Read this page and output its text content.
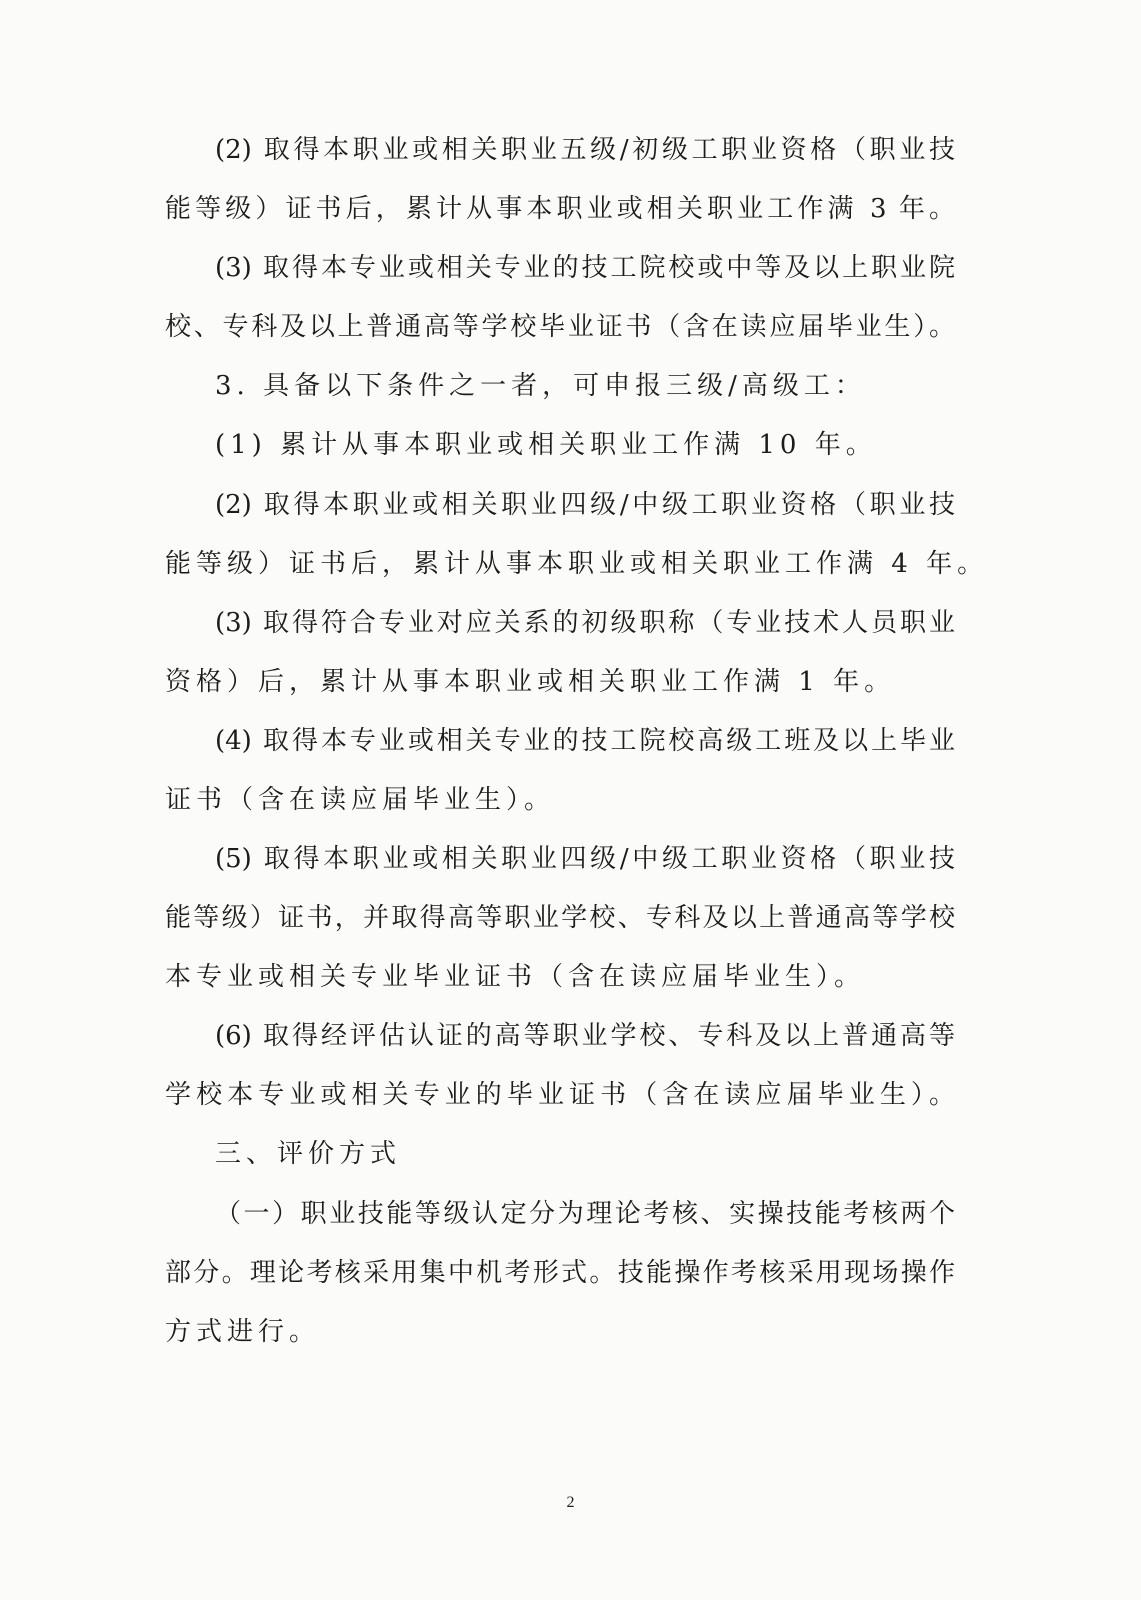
(2) 取得本职业或相关职业五级/初级工职业资格（职业技
能等级）证书后，累计从事本职业或相关职业工作满 3 年。
(3) 取得本专业或相关专业的技工院校或中等及以上职业院
校、专科及以上普通高等学校毕业证书（含在读应届毕业生）。
3. 具备以下条件之一者，可申报三级/高级工：
(1) 累计从事本职业或相关职业工作满 10 年。
(2) 取得本职业或相关职业四级/中级工职业资格（职业技
能等级）证书后，累计从事本职业或相关职业工作满 4 年。
(3) 取得符合专业对应关系的初级职称（专业技术人员职业
资格）后，累计从事本职业或相关职业工作满 1 年。
(4) 取得本专业或相关专业的技工院校高级工班及以上毕业
证书（含在读应届毕业生）。
(5) 取得本职业或相关职业四级/中级工职业资格（职业技
能等级）证书，并取得高等职业学校、专科及以上普通高等学校
本专业或相关专业毕业证书（含在读应届毕业生）。
(6) 取得经评估认证的高等职业学校、专科及以上普通高等
学校本专业或相关专业的毕业证书（含在读应届毕业生）。
三、评价方式
（一）职业技能等级认定分为理论考核、实操技能考核两个
部分。理论考核采用集中机考形式。技能操作考核采用现场操作
方式进行。
2
